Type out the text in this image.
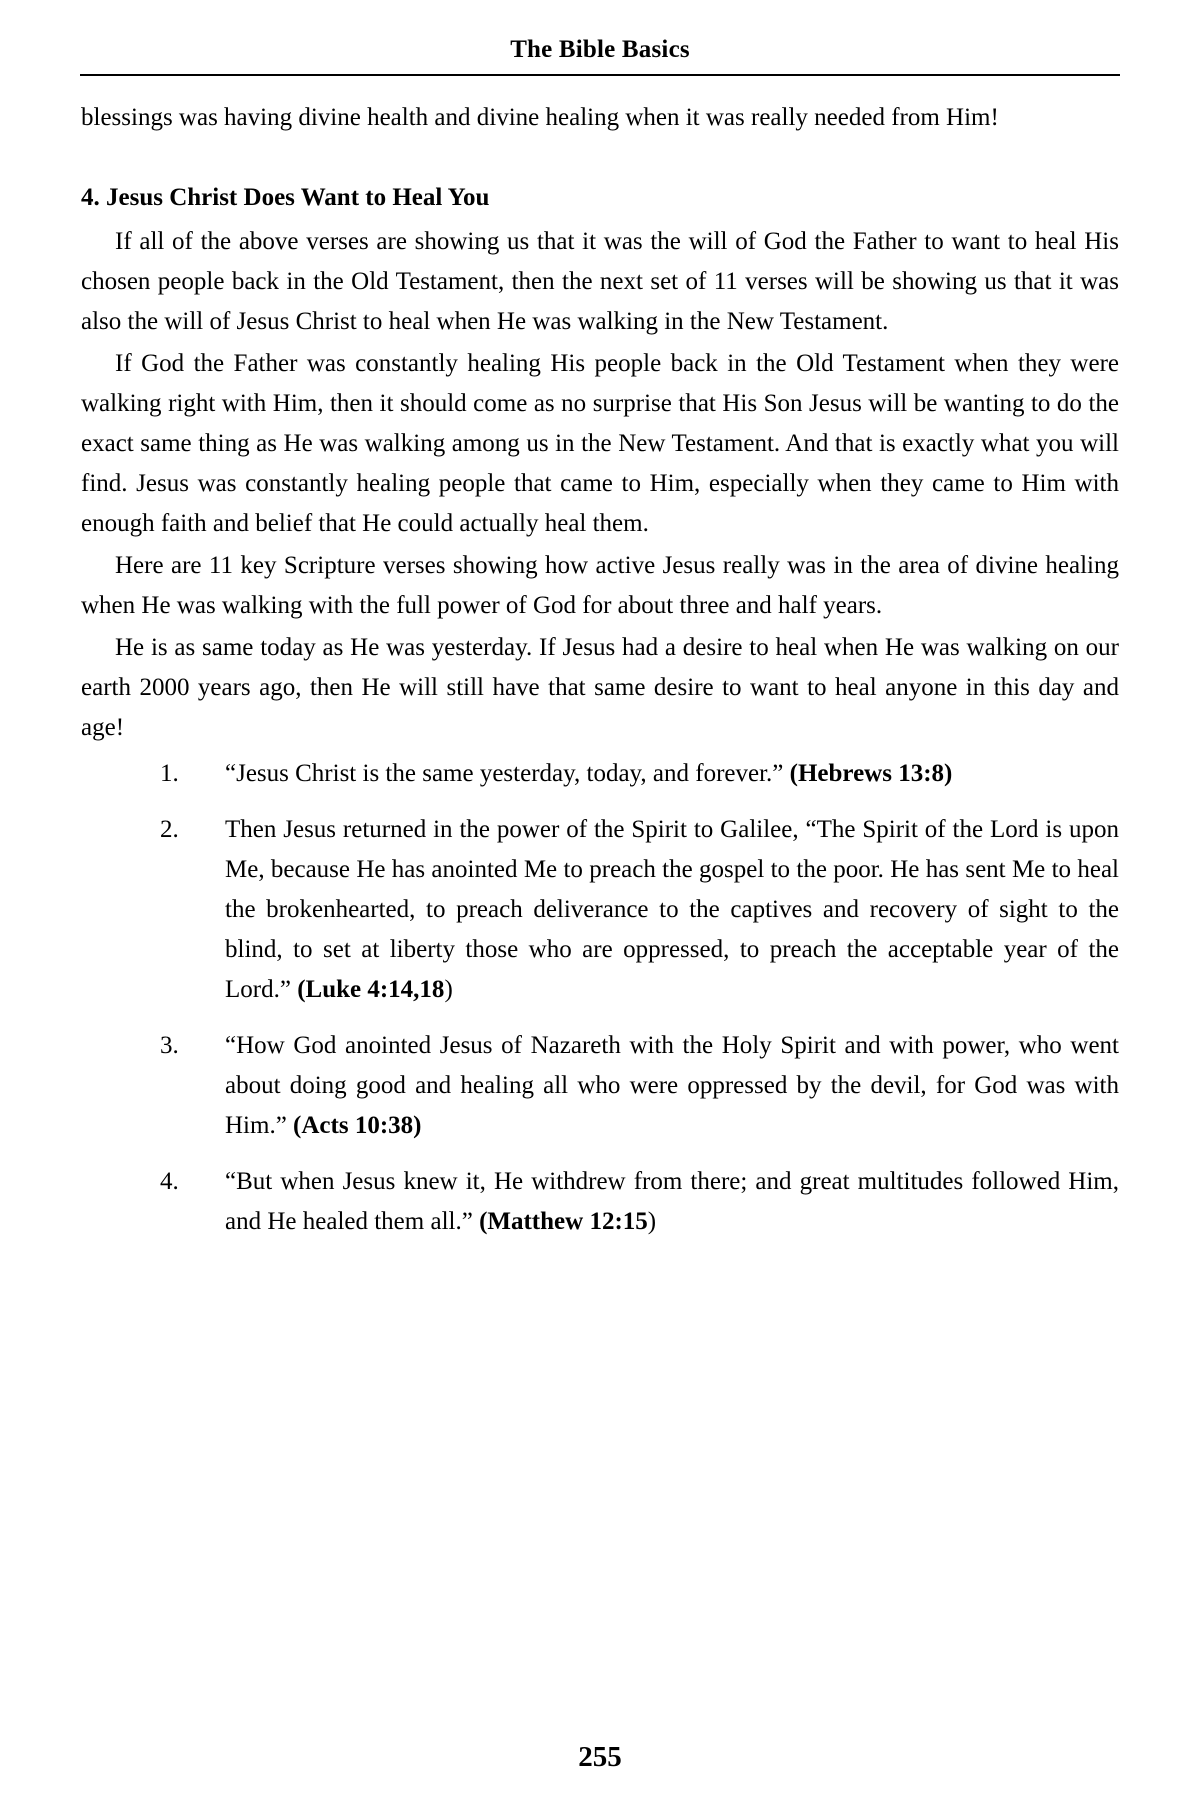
The Bible Basics

blessings was having divine health and divine healing when it was really needed from Him!

4. Jesus Christ Does Want to Heal You

If all of the above verses are showing us that it was the will of God the Father to want to heal His chosen people back in the Old Testament, then the next set of 11 verses will be showing us that it was also the will of Jesus Christ to heal when He was walking in the New Testament.

If God the Father was constantly healing His people back in the Old Testament when they were walking right with Him, then it should come as no surprise that His Son Jesus will be wanting to do the exact same thing as He was walking among us in the New Testament. And that is exactly what you will find. Jesus was constantly healing people that came to Him, especially when they came to Him with enough faith and belief that He could actually heal them.

Here are 11 key Scripture verses showing how active Jesus really was in the area of divine healing when He was walking with the full power of God for about three and half years.

He is as same today as He was yesterday. If Jesus had a desire to heal when He was walking on our earth 2000 years ago, then He will still have that same desire to want to heal anyone in this day and age!

1. “Jesus Christ is the same yesterday, today, and forever.” (Hebrews 13:8)
2. Then Jesus returned in the power of the Spirit to Galilee, “The Spirit of the Lord is upon Me, because He has anointed Me to preach the gospel to the poor. He has sent Me to heal the brokenhearted, to preach deliverance to the captives and recovery of sight to the blind, to set at liberty those who are oppressed, to preach the acceptable year of the Lord.” (Luke 4:14,18)
3. “How God anointed Jesus of Nazareth with the Holy Spirit and with power, who went about doing good and healing all who were oppressed by the devil, for God was with Him.” (Acts 10:38)
4. “But when Jesus knew it, He withdrew from there; and great multitudes followed Him, and He healed them all.” (Matthew 12:15)
255
